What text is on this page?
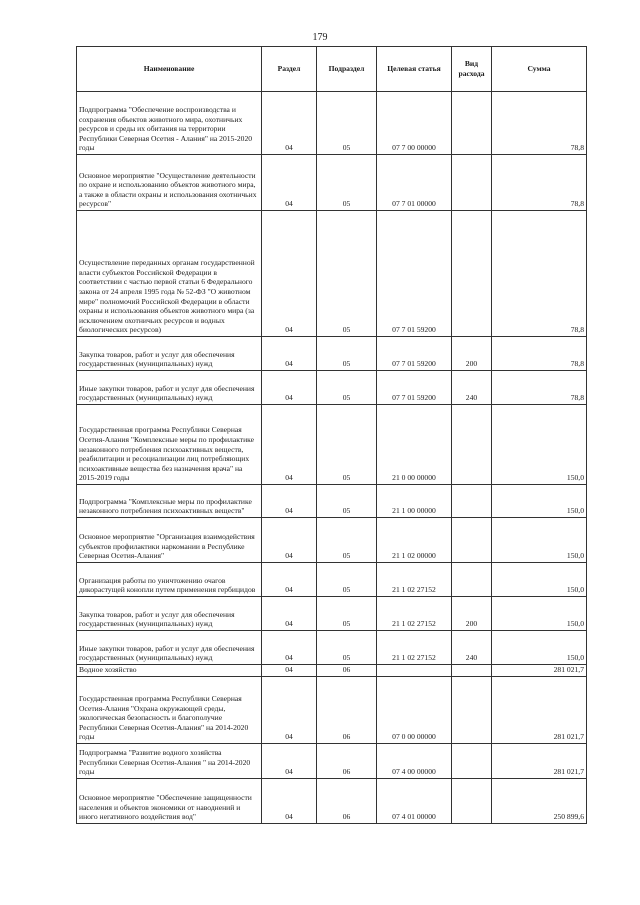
179
Наименование	Раздел	Подраздел	Целевая статья	Вид расхода	Сумма
Подпрограмма "Обеспечение воспроизводства и сохранения объектов животного мира, охотничьих ресурсов и среды их обитания на территории Республики Северная Осетия - Алания" на 2015-2020 годы	04	05	07 7 00 00000		78,8
Основное мероприятие "Осуществление деятельности по охране и использованию объектов животного мира, а также в области охраны и использования охотничьих ресурсов"	04	05	07 7 01 00000		78,8
Осуществление переданных органам государственной власти субъектов Российской Федерации в соответствии с частью первой статьи 6 Федерального закона от 24 апреля 1995 года № 52-ФЗ "О животном мире" полномочий Российской Федерации в области охраны и использования объектов животного мира (за исключением охотничьих ресурсов и водных биологических ресурсов)	04	05	07 7 01 59200		78,8
Закупка товаров, работ и услуг для обеспечения государственных (муниципальных) нужд	04	05	07 7 01 59200	200	78,8
Иные закупки товаров, работ и услуг для обеспечения государственных (муниципальных) нужд	04	05	07 7 01 59200	240	78,8
Государственная программа Республики Северная Осетия-Алания "Комплексные меры по профилактике незаконного потребления психоактивных веществ, реабилитации и ресоциализации лиц потребляющих психоактивные вещества без назначения врача" на 2015-2019 годы	04	05	21 0 00 00000		150,0
Подпрограмма "Комплексные меры по профилактике незаконного потребления психоактивных веществ"	04	05	21 1 00 00000		150,0
Основное мероприятие "Организация взаимодействия субъектов профилактики наркомании в Республике Северная Осетия-Алания"	04	05	21 1 02 00000		150,0
Организация работы по уничтожению очагов дикорастущей конопли путем применения гербицидов	04	05	21 1 02 27152		150,0
Закупка товаров, работ и услуг для обеспечения государственных (муниципальных) нужд	04	05	21 1 02 27152	200	150,0
Иные закупки товаров, работ и услуг для обеспечения государственных (муниципальных) нужд	04	05	21 1 02 27152	240	150,0
Водное хозяйство	04	06			281 021,7
Государственная программа Республики Северная Осетия-Алания "Охрана окружающей среды, экологическая безопасность и благополучие Республики Северная Осетия-Алания" на 2014-2020 годы	04	06	07 0 00 00000		281 021,7
Подпрограмма "Развитие водного хозяйства Республики Северная Осетия-Алания " на 2014-2020 годы	04	06	07 4 00 00000		281 021,7
Основное мероприятие "Обеспечение защищенности населения и объектов экономики от наводнений и иного негативного воздействия вод"	04	06	07 4 01 00000		250 899,6
